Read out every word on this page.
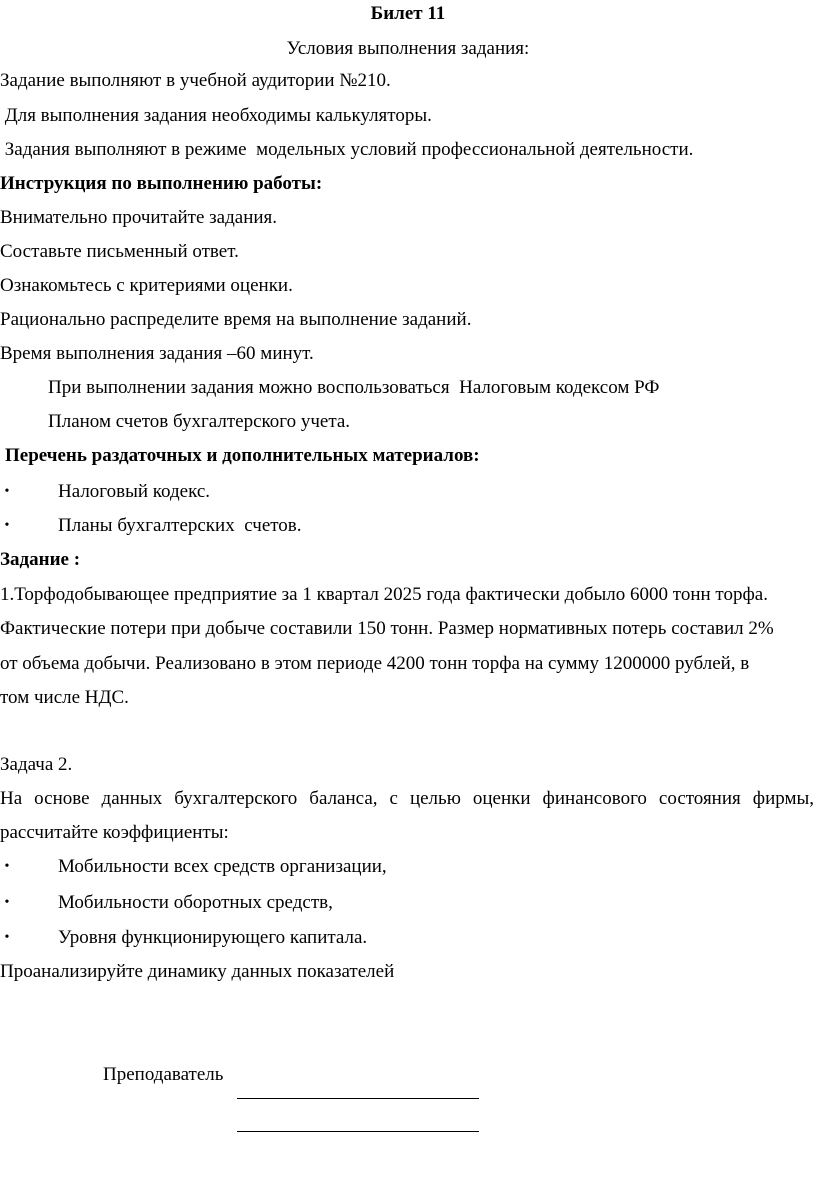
Билет 11
Условия выполнения задания:
Задание выполняют в учебной аудитории №210.
Для выполнения задания необходимы калькуляторы.
Задания выполняют в режиме  модельных условий профессиональной деятельности.
Инструкция по выполнению работы:
Внимательно прочитайте задания.
Составьте письменный ответ.
Ознакомьтесь с критериями оценки.
Рационально распределите время на выполнение заданий.
Время выполнения задания –60 минут.
При выполнении задания можно воспользоваться  Налоговым кодексом РФ
Планом счетов бухгалтерского учета.
Перечень раздаточных и дополнительных материалов:
•	Налоговый кодекс.
•	Планы бухгалтерских  счетов.
Задание :
1.Торфодобывающее предприятие за 1 квартал 2025 года фактически добыло 6000 тонн торфа.
Фактические потери при добыче составили 150 тонн. Размер нормативных потерь составил 2%
от объема добычи. Реализовано в этом периоде 4200 тонн торфа на сумму 1200000 рублей, в
том числе НДС.
Задача 2.
На основе данных бухгалтерского баланса, с целью оценки финансового состояния фирмы,
рассчитайте коэффициенты:
•	Мобильности всех средств организации,
•	Мобильности оборотных средств,
•	Уровня функционирующего капитала.
Проанализируйте динамику данных показателей
Преподаватель
